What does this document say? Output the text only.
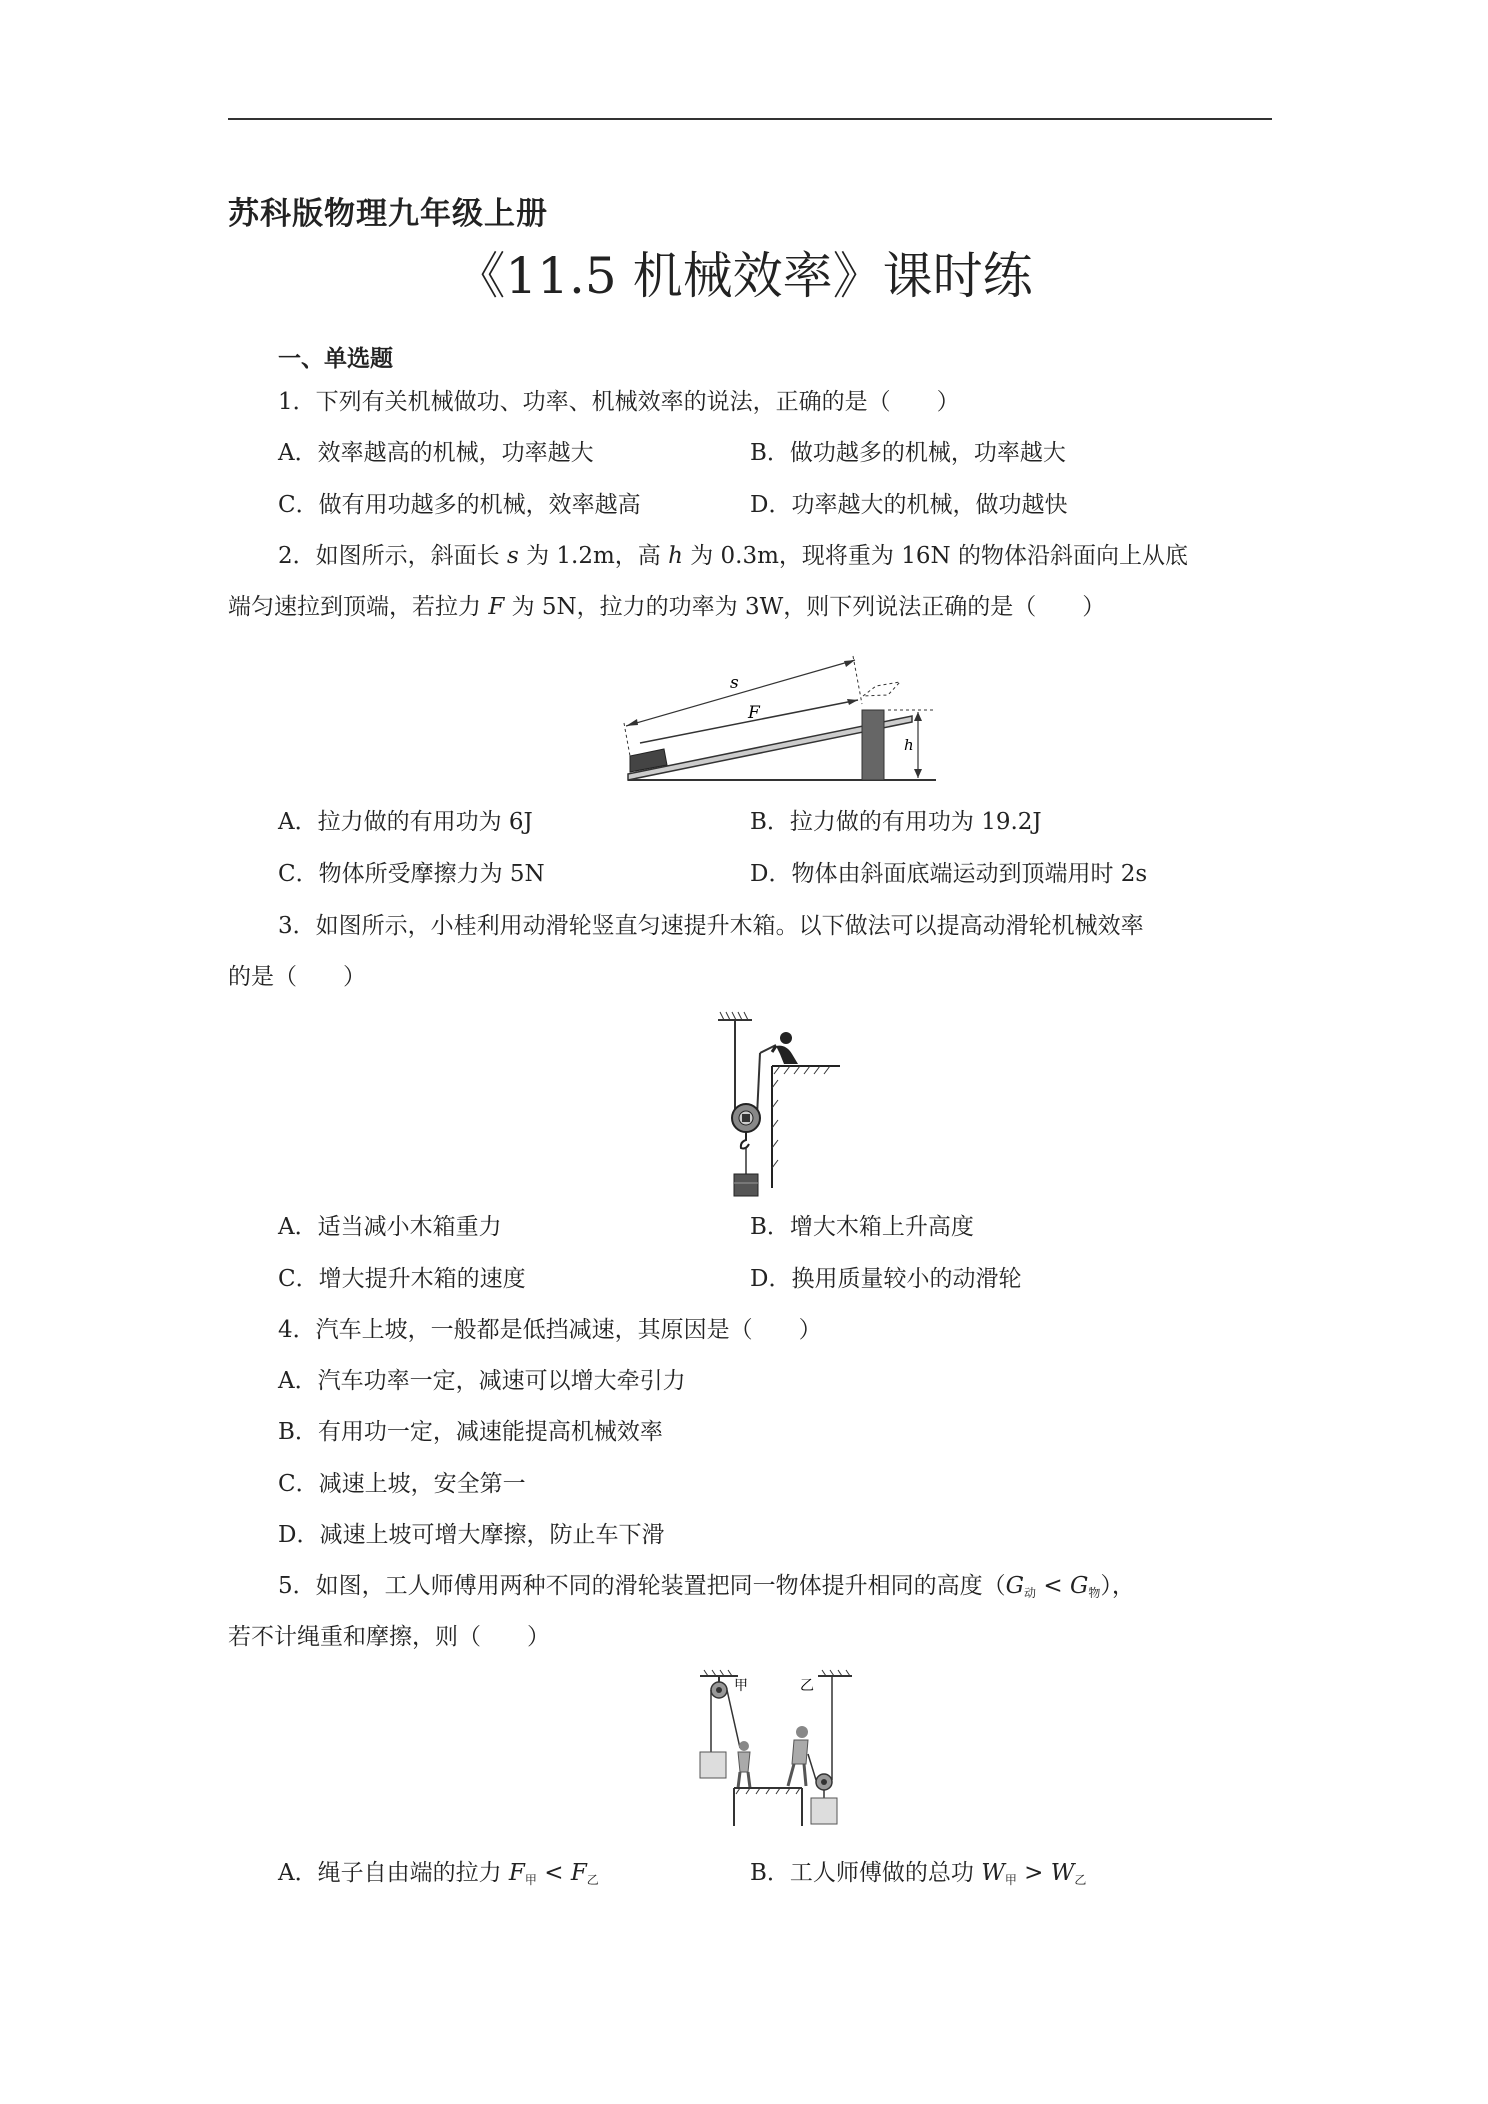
苏科版物理九年级上册
《11.5 机械效率》课时练
一、单选题
1．下列有关机械做功、功率、机械效率的说法，正确的是（　　）
A．效率越高的机械，功率越大	B．做功越多的机械，功率越大
C．做有用功越多的机械，效率越高	D．功率越大的机械，做功越快
2．如图所示，斜面长 s 为 1.2m，高 h 为 0.3m，现将重为 16N 的物体沿斜面向上从底
端匀速拉到顶端，若拉力 F 为 5N，拉力的功率为 3W，则下列说法正确的是（　　）
s
F
h
A．拉力做的有用功为 6J	B．拉力做的有用功为 19.2J
C．物体所受摩擦力为 5N	D．物体由斜面底端运动到顶端用时 2s
3．如图所示，小桂利用动滑轮竖直匀速提升木箱。以下做法可以提高动滑轮机械效率
的是（　　）
A．适当减小木箱重力	B．增大木箱上升高度
C．增大提升木箱的速度	D．换用质量较小的动滑轮
4．汽车上坡，一般都是低挡减速，其原因是（　　）
A．汽车功率一定，减速可以增大牵引力
B．有用功一定，减速能提高机械效率
C．减速上坡，安全第一
D．减速上坡可增大摩擦，防止车下滑
5．如图，工人师傅用两种不同的滑轮装置把同一物体提升相同的高度$(G_动 < G_物)$，
若不计绳重和摩擦，则（　　）
甲	乙
A．绳子自由端的拉力 $F_甲 < F_乙$	B．工人师傅做的总功 $W_甲 > W_乙$
